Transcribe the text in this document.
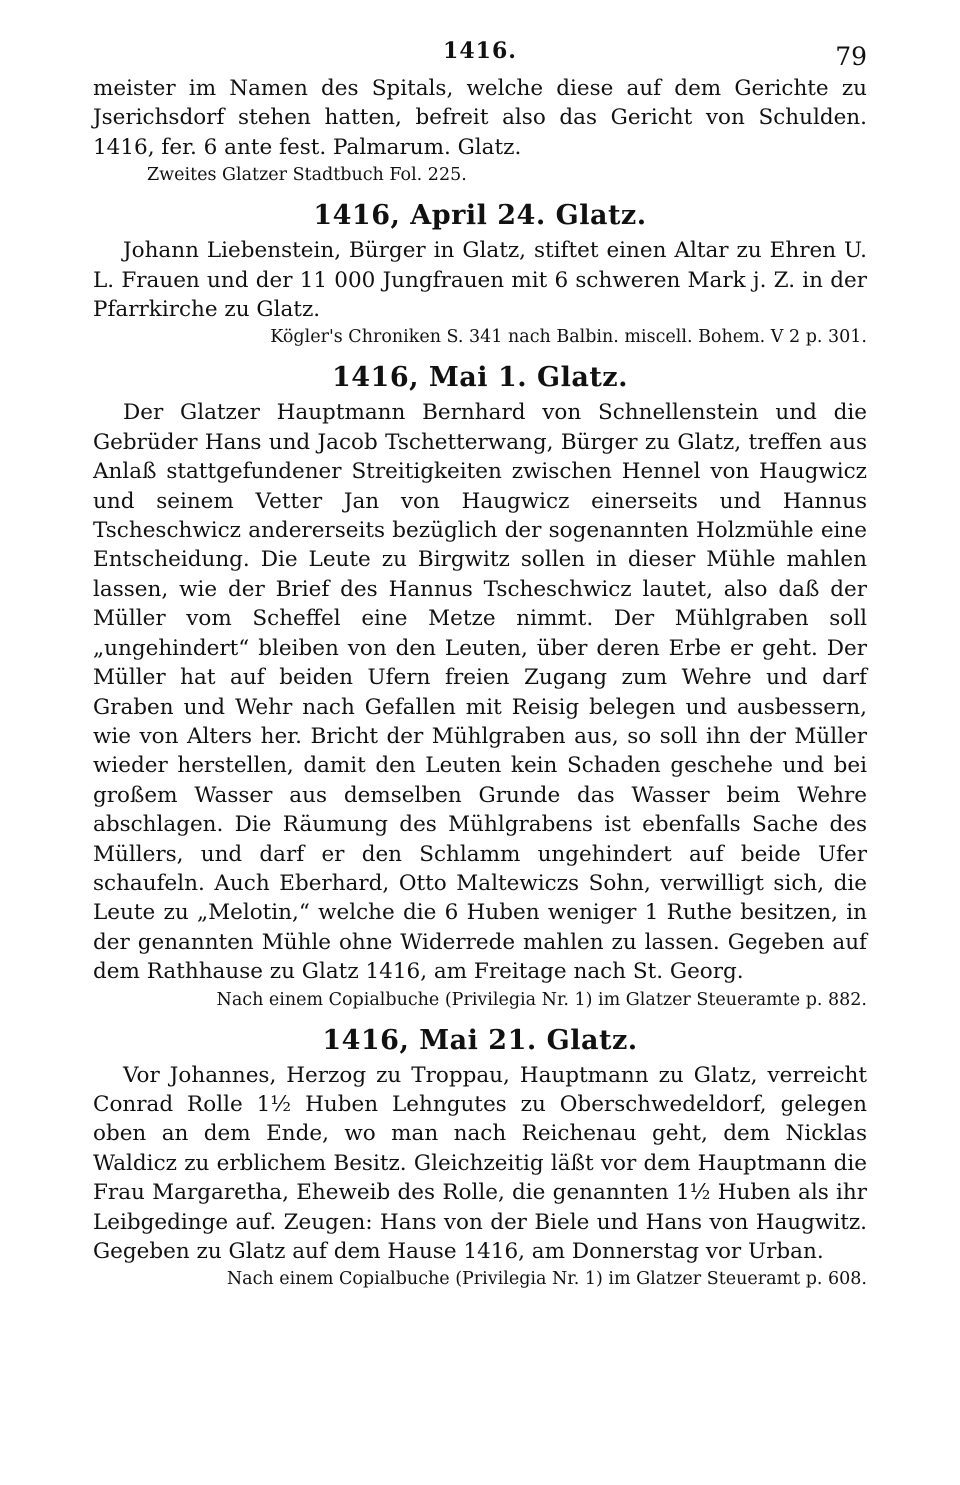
1416.	79

meister im Namen des Spitals, welche diese auf dem Gerichte zu Jserichsdorf stehen hatten, befreit also das Gericht von Schulden. 1416, fer. 6 ante fest. Palmarum. Glatz.

Zweites Glatzer Stadtbuch Fol. 225.

1416, April 24. Glatz.

Johann Liebenstein, Bürger in Glatz, stiftet einen Altar zu Ehren U. L. Frauen und der 11 000 Jungfrauen mit 6 schweren Mark j. Z. in der Pfarrkirche zu Glatz.

Kögler's Chroniken S. 341 nach Balbin. miscell. Bohem. V 2 p. 301.

1416, Mai 1. Glatz.

Der Glatzer Hauptmann Bernhard von Schnellenstein und die Gebrüder Hans und Jacob Tschetterwang, Bürger zu Glatz, treffen aus Anlaß stattgefundener Streitigkeiten zwischen Hennel von Haugwicz und seinem Vetter Jan von Haugwicz einerseits und Hannus Tscheschwicz andererseits bezüglich der sogenannten Holzmühle eine Entscheidung. Die Leute zu Birgwitz sollen in dieser Mühle mahlen lassen, wie der Brief des Hannus Tscheschwicz lautet, also daß der Müller vom Scheffel eine Metze nimmt. Der Mühlgraben soll „ungehindert“ bleiben von den Leuten, über deren Erbe er geht. Der Müller hat auf beiden Ufern freien Zugang zum Wehre und darf Graben und Wehr nach Gefallen mit Reisig belegen und ausbessern, wie von Alters her. Bricht der Mühlgraben aus, so soll ihn der Müller wieder herstellen, damit den Leuten kein Schaden geschehe und bei großem Wasser aus demselben Grunde das Wasser beim Wehre abschlagen. Die Räumung des Mühlgrabens ist ebenfalls Sache des Müllers, und darf er den Schlamm ungehindert auf beide Ufer schaufeln. Auch Eberhard, Otto Maltewiczs Sohn, verwilligt sich, die Leute zu „Melotin,“ welche die 6 Huben weniger 1 Ruthe besitzen, in der genannten Mühle ohne Widerrede mahlen zu lassen. Gegeben auf dem Rathhause zu Glatz 1416, am Freitage nach St. Georg.

Nach einem Copialbuche (Privilegia Nr. 1) im Glatzer Steueramte p. 882.

1416, Mai 21. Glatz.

Vor Johannes, Herzog zu Troppau, Hauptmann zu Glatz, verreicht Conrad Rolle 1½ Huben Lehngutes zu Oberschwedeldorf, gelegen oben an dem Ende, wo man nach Reichenau geht, dem Nicklas Waldicz zu erblichem Besitz. Gleichzeitig läßt vor dem Hauptmann die Frau Margaretha, Eheweib des Rolle, die genannten 1½ Huben als ihr Leibgedinge auf. Zeugen: Hans von der Biele und Hans von Haugwitz. Gegeben zu Glatz auf dem Hause 1416, am Donnerstag vor Urban.

Nach einem Copialbuche (Privilegia Nr. 1) im Glatzer Steueramt p. 608.
